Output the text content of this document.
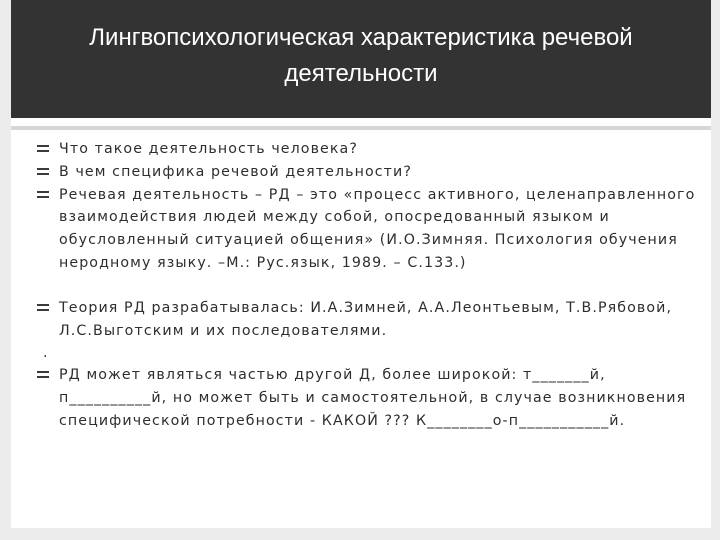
Лингвопсихологическая характеристика речевой деятельности
Что такое деятельность человека?
В чем специфика речевой деятельности?
Речевая деятельность – РД – это «процесс активного, целенаправленного взаимодействия людей между собой, опосредованный языком и обусловленный ситуацией общения» (И.О.Зимняя. Психология обучения неродному языку. –М.: Рус.язык, 1989. – С.133.)
Теория РД разрабатывалась: И.А.Зимней, А.А.Леонтьевым, Т.В.Рябовой, Л.С.Выготским и их последователями.
.
РД может являться частью другой Д, более широкой: т_______й, п__________й, но может быть и самостоятельной, в случае возникновения специфической потребности - КАКОЙ ??? К________о-п___________й.
